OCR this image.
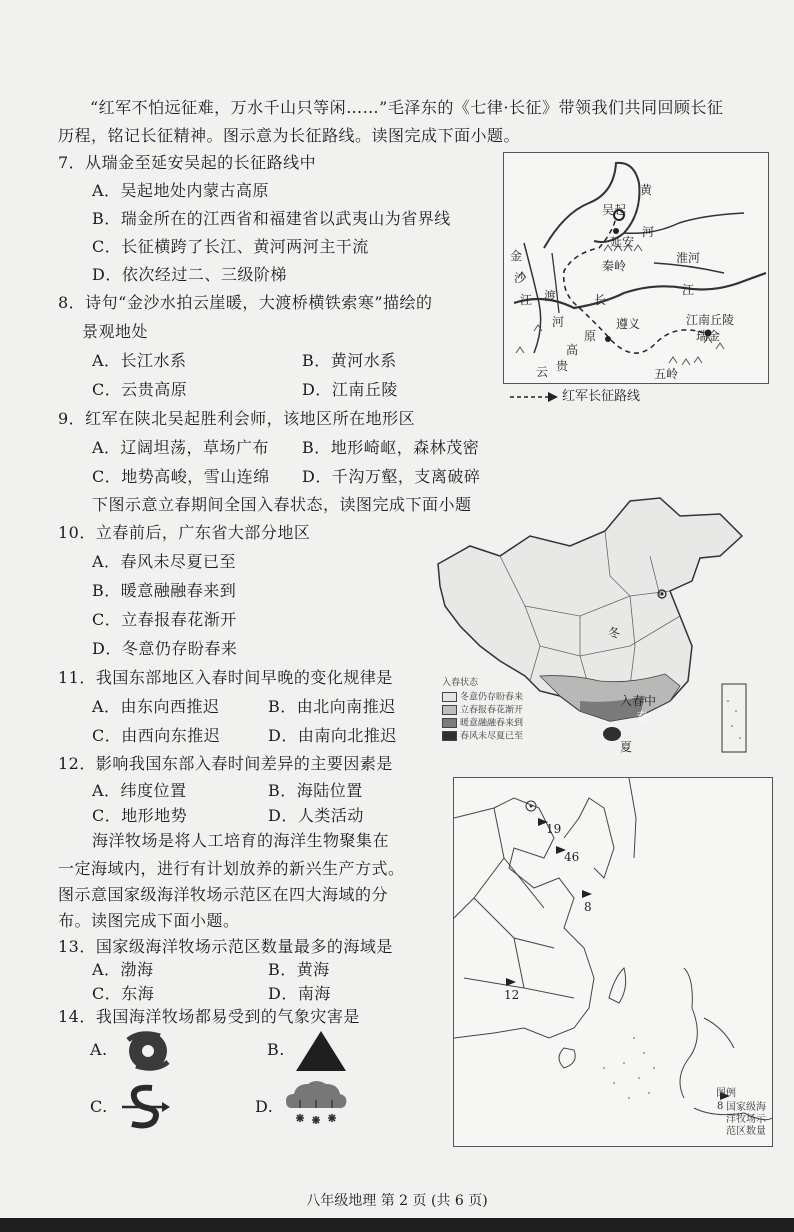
“红军不怕远征难，万水千山只等闲……”毛泽东的《七律·长征》带领我们共同回顾长征
历程，铭记长征精神。图示意为长征路线。读图完成下面小题。
7．从瑞金至延安吴起的长征路线中
A．吴起地处内蒙古高原
B．瑞金所在的江西省和福建省以武夷山为省界线
C．长征横跨了长江、黄河两河主干流
D．依次经过二、三级阶梯
8．诗句“金沙水拍云崖暖，大渡桥横铁索寒”描绘的
景观地处
A．长江水系	B．黄河水系
C．云贵高原	D．江南丘陵
9．红军在陕北吴起胜利会师，该地区所在地形区
A．辽阔坦荡，草场广布 B．地形崎岖，森林茂密
C．地势高峻，雪山连绵 D．千沟万壑，支离破碎
下图示意立春期间全国入春状态，读图完成下面小题
10．立春前后，广东省大部分地区
A．春风未尽夏已至
B．暖意融融春来到
C．立春报春花渐开
D．冬意仍存盼春来
11．我国东部地区入春时间早晚的变化规律是
A．由东向西推迟	B．由北向南推迟
C．由西向东推迟	D．由南向北推迟
12．影响我国东部入春时间差异的主要因素是
A．纬度位置	B．海陆位置
C．地形地势	D．人类活动
海洋牧场是将人工培育的海洋生物聚集在
一定海域内，进行有计划放养的新兴生产方式。
图示意国家级海洋牧场示范区在四大海域的分
布。读图完成下面小题。
13．国家级海洋牧场示范区数量最多的海域是
A．渤海	B．黄海
C．东海	D．南海
14．我国海洋牧场都易受到的气象灾害是
A.	B.
C.	D.
黄
河
吴起
延安
秦岭
淮河
江
长
金
沙
江 渡
河	遵义	江南丘陵
瑞金
高
原
贵
云	五岭
红军长征路线
冬
入春中
春
夏
入春状态
冬意仍存盼春来
立春报春花渐开
暖意融融春来到
春风未尽夏已至
19
46
8
12
图例
8 国家级海
洋牧场示
范区数量
八年级地理 第 2 页 (共 6 页)
